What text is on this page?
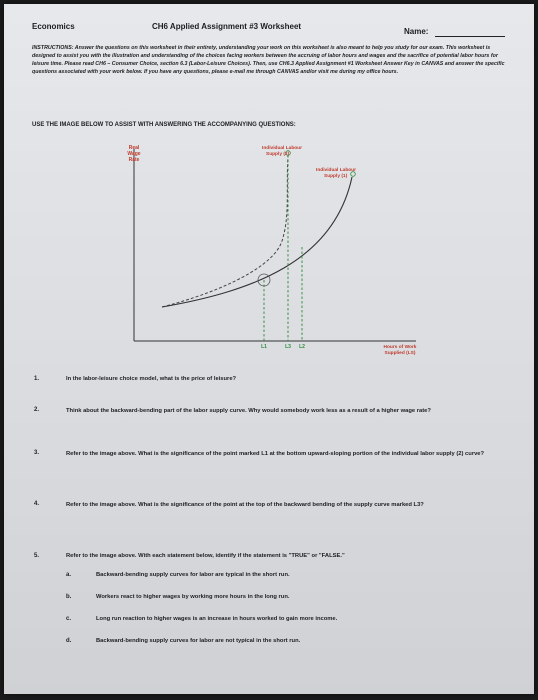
Economics	CH6 Applied Assignment #3 Worksheet
Name:
INSTRUCTIONS: Answer the questions on this worksheet in their entirety, understanding your work on this worksheet is also meant to help you study for our exam. This worksheet is designed to assist you with the illustration and understanding of the choices facing workers between the accruing of labor hours and wages and the sacrifice of potential labor hours for leisure time. Please read CH6 – Consumer Choice, section 6.3 (Labor-Leisure Choices). Then, use CH6.3 Applied Assignment #1 Worksheet Answer Key in CANVAS and answer the specific questions associated with your work below. If you have any questions, please e-mail me through CANVAS and/or visit me during my office hours.
USE THE IMAGE BELOW TO ASSIST WITH ANSWERING THE ACCOMPANYING QUESTIONS:
Real
Wage
Rate
Individual Labour
Supply (2)
Individual Labour
Supply (1)
L1	L3 L2	Hours of Work
Supplied (LS)
1.	In the labor-leisure choice model, what is the price of leisure?
2.	Think about the backward-bending part of the labor supply curve. Why would somebody work less as a result of a higher wage rate?
3.	Refer to the image above. What is the significance of the point marked L1 at the bottom upward-sloping portion of the individual labor supply (2) curve?
4.	Refer to the image above. What is the significance of the point at the top of the backward bending of the supply curve marked L3?
5.	Refer to the image above. With each statement below, identify if the statement is "TRUE" or "FALSE."
a.	Backward-bending supply curves for labor are typical in the short run.
b.	Workers react to higher wages by working more hours in the long run.
c.	Long run reaction to higher wages is an increase in hours worked to gain more income.
d.	Backward-bending supply curves for labor are not typical in the short run.
